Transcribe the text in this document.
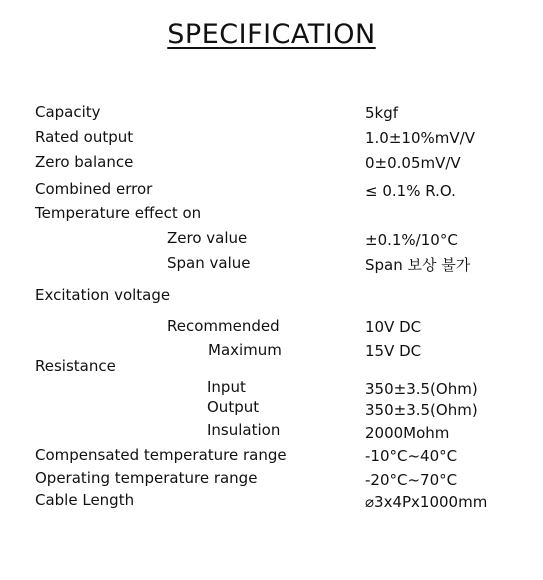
SPECIFICATION
Capacity	5kgf
Rated output	1.0±10%mV/V
Zero balance	0±0.05mV/V
Combined error	≤ 0.1% R.O.
Temperature effect on
Zero value	±0.1%/10°C
Span value	Span 보상 불가
Excitation voltage
Recommended	10V DC
Maximum	15V DC
Resistance
Input	350±3.5(Ohm)
Output	350±3.5(Ohm)
Insulation	2000Mohm
Compensated temperature range	-10°C~40°C
Operating temperature range	-20°C~70°C
Cable Length	⌀3x4Px1000mm
